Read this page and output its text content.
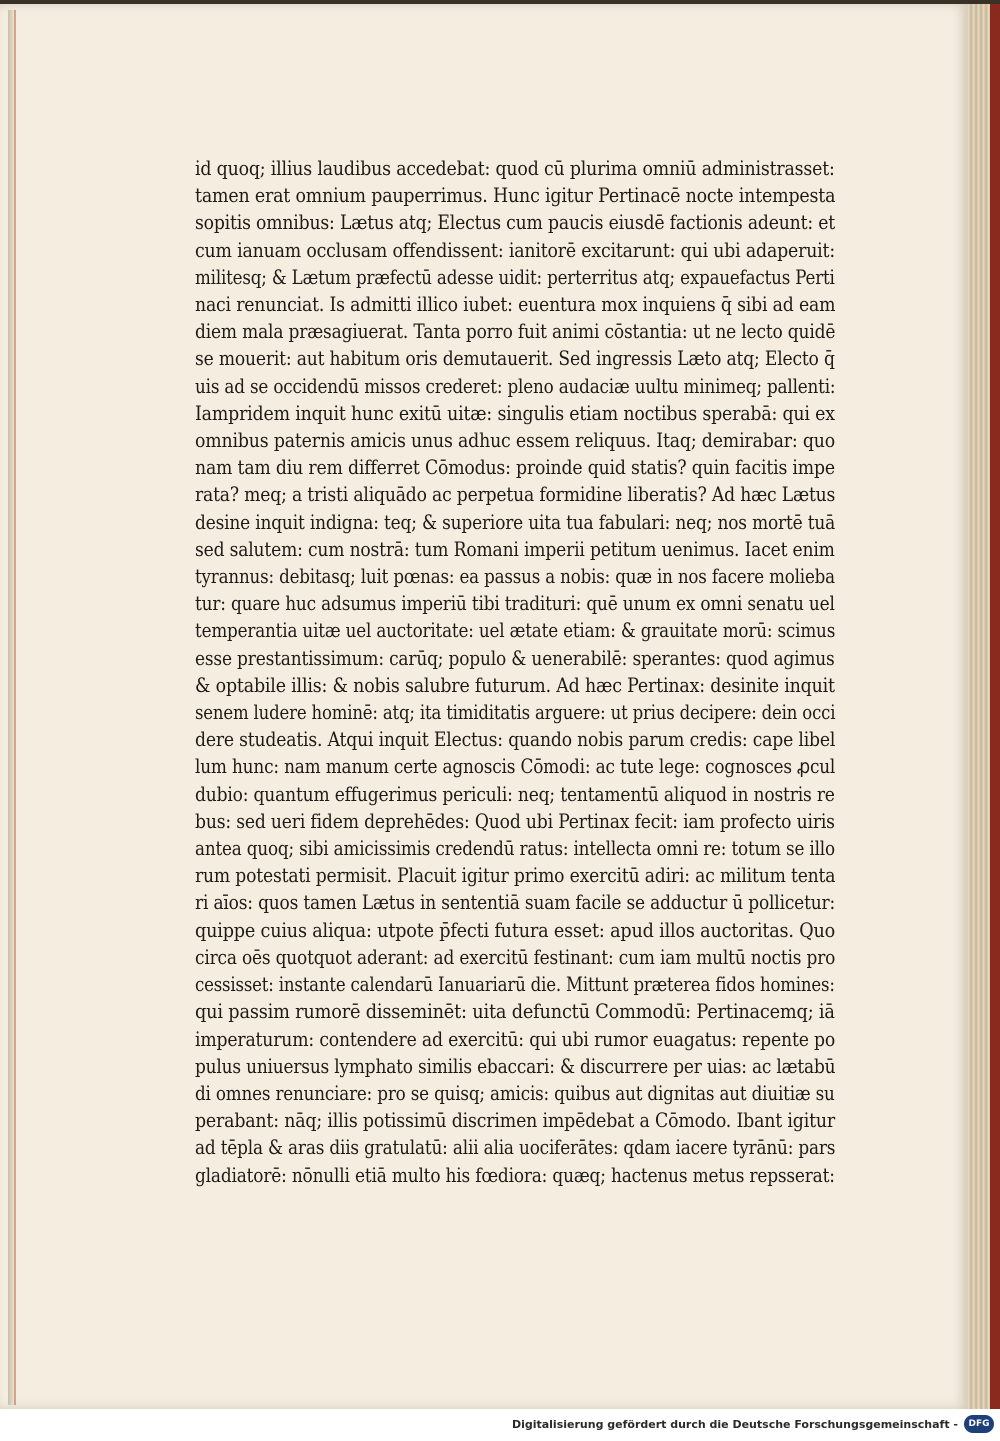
id quoq; illius laudibus accedebat: quod cū plurima omniū administrasset:
tamen erat omnium pauperrimus. Hunc igitur Pertinacē nocte intempesta
sopitis omnibus: Lætus atq; Electus cum paucis eiusdē factionis adeunt: et
cum ianuam occlusam offendissent: ianitorē excitarunt: qui ubi adaperuit:
militesq; & Lætum præfectū adesse uidit: perterritus atq; expauefactus Perti
naci renunciat. Is admitti illico iubet: euentura mox inquiens q̄ sibi ad eam
diem mala præsagiuerat. Tanta porro fuit animi cōstantia: ut ne lecto quidē
se mouerit: aut habitum oris demutauerit. Sed ingressis Læto atq; Electo q̄
uis ad se occidendū missos crederet: pleno audaciæ uultu minimeq; pallenti:
Iampridem inquit hunc exitū uitæ: singulis etiam noctibus sperabā: qui ex
omnibus paternis amicis unus adhuc essem reliquus. Itaq; demirabar: quo
nam tam diu rem differret Cōmodus: proinde quid statis? quin facitis impe
rata? meq; a tristi aliquādo ac perpetua formidine liberatis? Ad hæc Lætus
desine inquit indigna: teq; & superiore uita tua fabulari: neq; nos mortē tuā
sed salutem: cum nostrā: tum Romani imperii petitum uenimus. Iacet enim
tyrannus: debitasq; luit pœnas: ea passus a nobis: quæ in nos facere molieba
tur: quare huc adsumus imperiū tibi tradituri: quē unum ex omni senatu uel
temperantia uitæ uel auctoritate: uel ætate etiam: & grauitate morū: scimus
esse prestantissimum: carūq; populo & uenerabilē: sperantes: quod agimus
& optabile illis: & nobis salubre futurum. Ad hæc Pertinax: desinite inquit
senem ludere hominē: atq; ita timiditatis arguere: ut prius decipere: dein occi
dere studeatis. Atqui inquit Electus: quando nobis parum credis: cape libel
lum hunc: nam manum certe agnoscis Cōmodi: ac tute lege: cognosces ꝓcul
dubio: quantum effugerimus periculi: neq; tentamentū aliquod in nostris re
bus: sed ueri fidem deprehēdes: Quod ubi Pertinax fecit: iam profecto uiris
antea quoq; sibi amicissimis credendū ratus: intellecta omni re: totum se illo
rum potestati permisit. Placuit igitur primo exercitū adiri: ac militum tenta
ri aīos: quos tamen Lætus in sententiā suam facile se adductur ū pollicetur:
quippe cuius aliqua: utpote p̄fecti futura esset: apud illos auctoritas. Quo
circa oēs quotquot aderant: ad exercitū festinant: cum iam multū noctis pro
cessisset: instante calendarū Ianuariarū die. Mittunt præterea fidos homines:
qui passim rumorē disseminēt: uita defunctū Commodū: Pertinacemq; iā
imperaturum: contendere ad exercitū: qui ubi rumor euagatus: repente po
pulus uniuersus lymphato similis ebaccari: & discurrere per uias: ac lætabū
di omnes renunciare: pro se quisq; amicis: quibus aut dignitas aut diuitiæ su
perabant: nāq; illis potissimū discrimen impēdebat a Cōmodo. Ibant igitur
ad tēpla & aras diis gratulatū: alii alia uociferātes: qdam iacere tyrānū: pars
gladiatorē: nōnulli etiā multo his fœdiora: quæq; hactenus metus repsserat:
Digitalisierung gefördert durch die Deutsche Forschungsgemeinschaft - DFG
